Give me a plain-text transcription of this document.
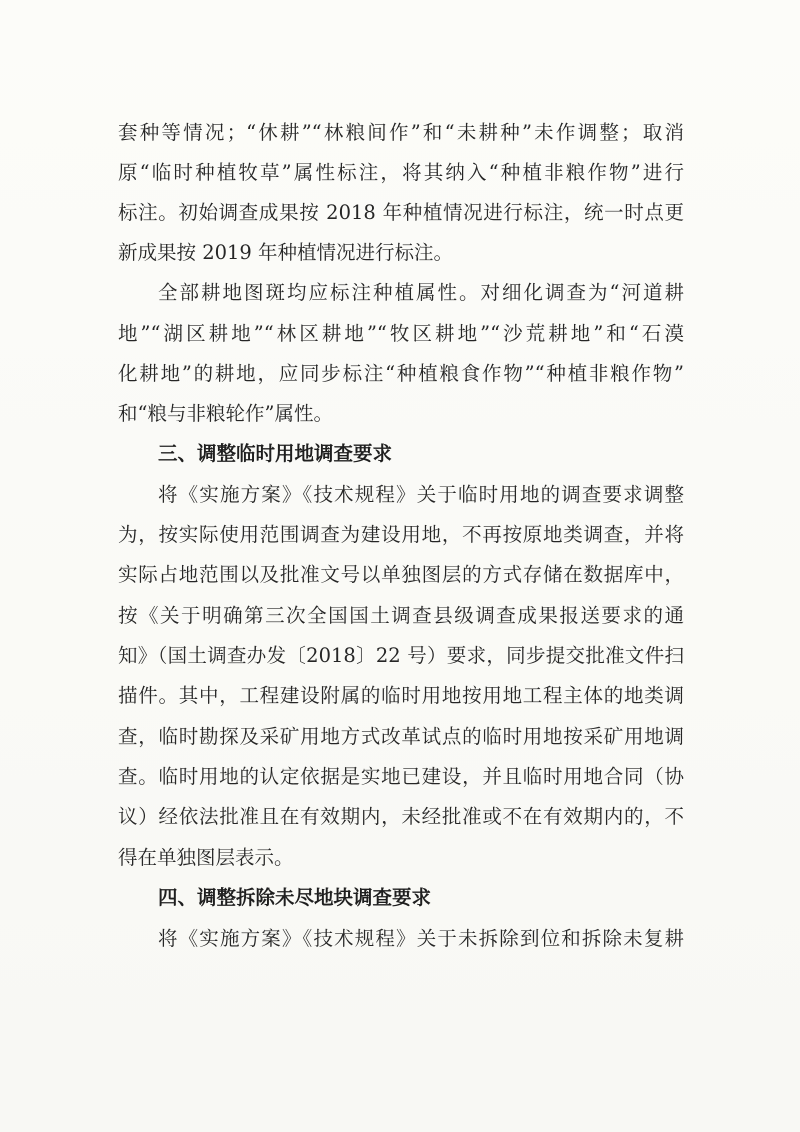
套种等情况；“休耕”“林粮间作”和“未耕种”未作调整；取消
原“临时种植牧草”属性标注，将其纳入“种植非粮作物”进行
标注。初始调查成果按 2018 年种植情况进行标注，统一时点更
新成果按 2019 年种植情况进行标注。
全部耕地图斑均应标注种植属性。对细化调查为“河道耕
地”“湖区耕地”“林区耕地”“牧区耕地”“沙荒耕地”和“石漠
化耕地”的耕地，应同步标注“种植粮食作物”“种植非粮作物”
和“粮与非粮轮作”属性。
三、调整临时用地调查要求
将《实施方案》《技术规程》关于临时用地的调查要求调整
为，按实际使用范围调查为建设用地，不再按原地类调查，并将
实际占地范围以及批准文号以单独图层的方式存储在数据库中，
按《关于明确第三次全国国土调查县级调查成果报送要求的通
知》（国土调查办发〔2018〕22 号）要求，同步提交批准文件扫
描件。其中，工程建设附属的临时用地按用地工程主体的地类调
查，临时勘探及采矿用地方式改革试点的临时用地按采矿用地调
查。临时用地的认定依据是实地已建设，并且临时用地合同（协
议）经依法批准且在有效期内，未经批准或不在有效期内的，不
得在单独图层表示。
四、调整拆除未尽地块调查要求
将《实施方案》《技术规程》关于未拆除到位和拆除未复耕
